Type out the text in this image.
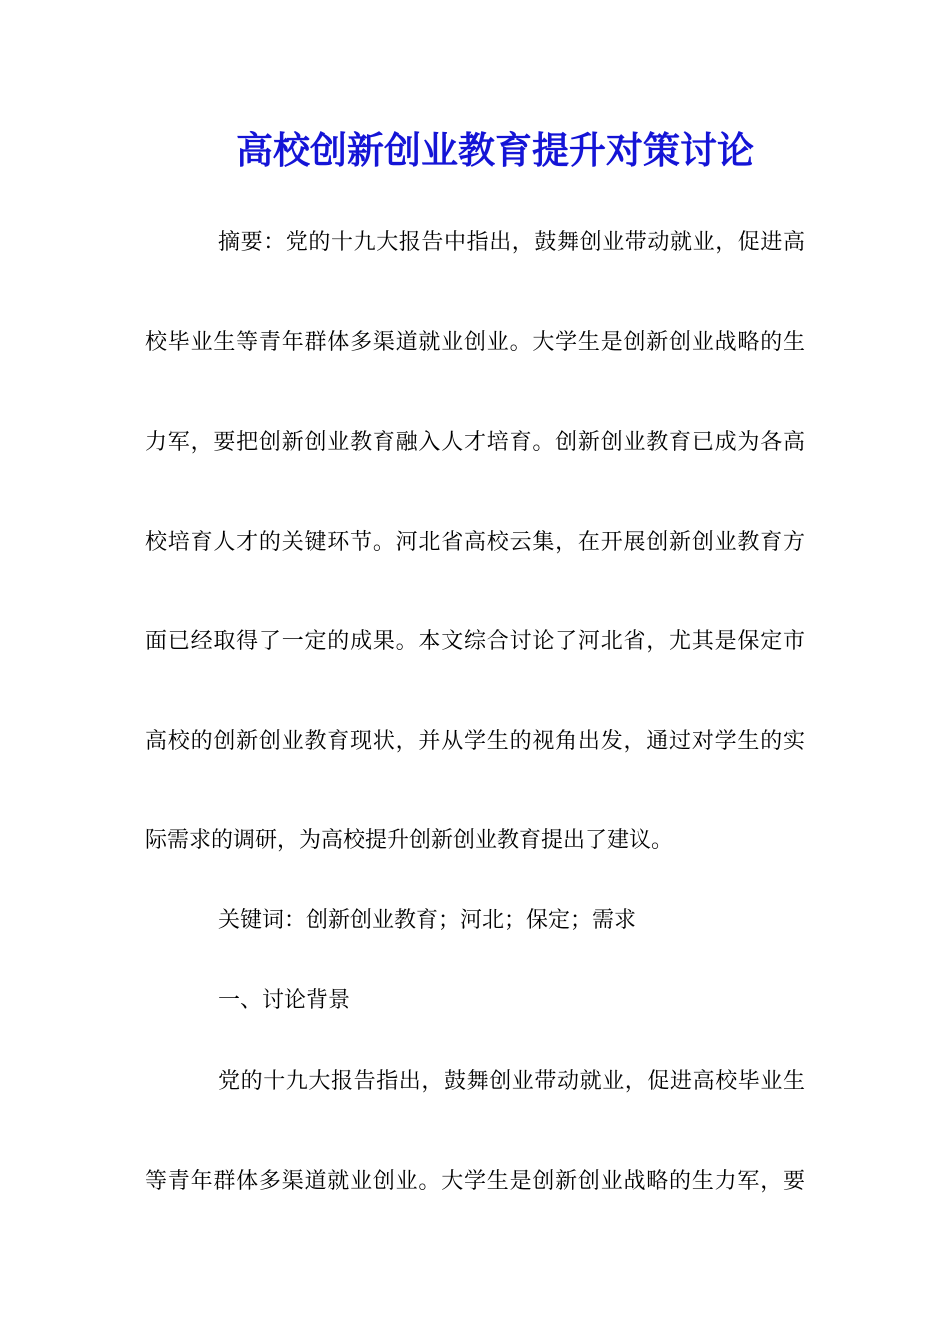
高校创新创业教育提升对策讨论

摘要：党的十九大报告中指出，鼓舞创业带动就业，促进高

校毕业生等青年群体多渠道就业创业。大学生是创新创业战略的生

力军，要把创新创业教育融入人才培育。创新创业教育已成为各高

校培育人才的关键环节。河北省高校云集，在开展创新创业教育方

面已经取得了一定的成果。本文综合讨论了河北省，尤其是保定市

高校的创新创业教育现状，并从学生的视角出发，通过对学生的实

际需求的调研，为高校提升创新创业教育提出了建议。

关键词：创新创业教育；河北；保定；需求

一、讨论背景

党的十九大报告指出，鼓舞创业带动就业，促进高校毕业生

等青年群体多渠道就业创业。大学生是创新创业战略的生力军，要
